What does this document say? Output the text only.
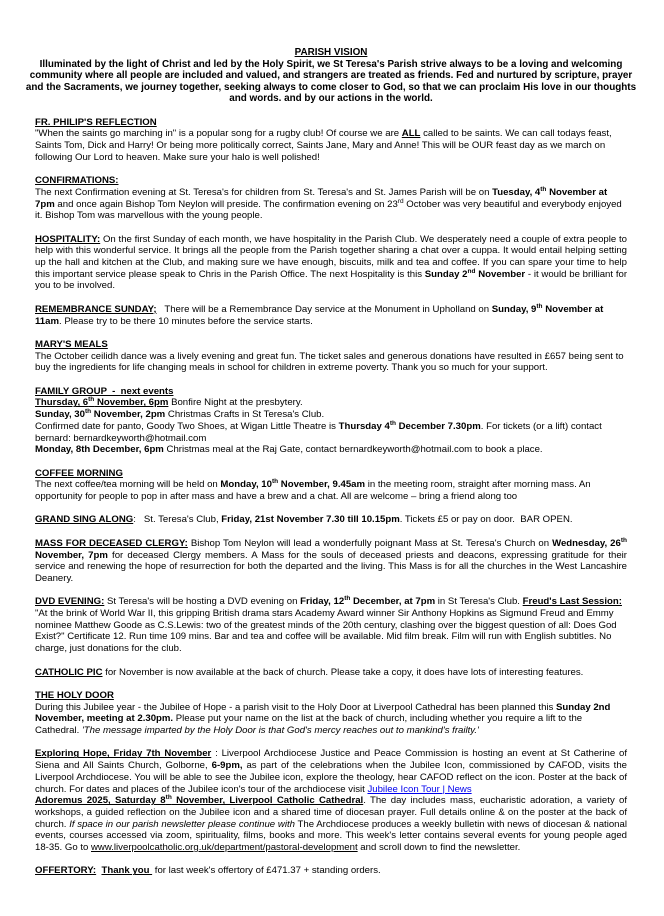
PARISH VISION
Illuminated by the light of Christ and led by the Holy Spirit, we St Teresa's Parish strive always to be a loving and welcoming community where all people are included and valued, and strangers are treated as friends. Fed and nurtured by scripture, prayer and the Sacraments, we journey together, seeking always to come closer to God, so that we can proclaim His love in our thoughts and words. and by our actions in the world.

FR. PHILIP'S REFLECTION
"When the saints go marching in" is a popular song for a rugby club! Of course we are ALL called to be saints. We can call todays feast, Saints Tom, Dick and Harry! Or being more politically correct, Saints Jane, Mary and Anne! This will be OUR feast day as we march on following Our Lord to heaven. Make sure your halo is well polished!

CONFIRMATIONS:
The next Confirmation evening at St. Teresa's for children from St. Teresa's and St. James Parish will be on Tuesday, 4th November at 7pm and once again Bishop Tom Neylon will preside. The confirmation evening on 23rd October was very beautiful and everybody enjoyed it. Bishop Tom was marvellous with the young people.

HOSPITALITY: On the first Sunday of each month, we have hospitality in the Parish Club. We desperately need a couple of extra people to help with this wonderful service. It brings all the people from the Parish together sharing a chat over a cuppa. It would entail helping setting up the hall and kitchen at the Club, and making sure we have enough, biscuits, milk and tea and coffee. If you can spare your time to help this important service please speak to Chris in the Parish Office. The next Hospitality is this Sunday 2nd November - it would be brilliant for you to be involved.

REMEMBRANCE SUNDAY;   There will be a Remembrance Day service at the Monument in Upholland on Sunday, 9th November at 11am. Please try to be there 10 minutes before the service starts.

MARY'S MEALS
The October ceilidh dance was a lively evening and great fun. The ticket sales and generous donations have resulted in £657 being sent to buy the ingredients for life changing meals in school for children in extreme poverty. Thank you so much for your support.

FAMILY GROUP  -  next events
Thursday, 6th November, 6pm Bonfire Night at the presbytery.
Sunday, 30th November, 2pm Christmas Crafts in St Teresa's Club.
Confirmed date for panto, Goody Two Shoes, at Wigan Little Theatre is Thursday 4th December 7.30pm. For tickets (or a lift) contact bernard: bernardkeyworth@hotmail.com
Monday, 8th December, 6pm Christmas meal at the Raj Gate, contact bernardkeyworth@hotmail.com to book a place.

COFFEE MORNING
The next coffee/tea morning will be held on Monday, 10th November, 9.45am in the meeting room, straight after morning mass. An opportunity for people to pop in after mass and have a brew and a chat. All are welcome – bring a friend along too

GRAND SING ALONG:   St. Teresa's Club, Friday, 21st November 7.30 till 10.15pm. Tickets £5 or pay on door.  BAR OPEN.

MASS FOR DECEASED CLERGY: Bishop Tom Neylon will lead a wonderfully poignant Mass at St. Teresa's Church on Wednesday, 26th November, 7pm for deceased Clergy members. A Mass for the souls of deceased priests and deacons, expressing gratitude for their service and renewing the hope of resurrection for both the departed and the living. This Mass is for all the churches in the West Lancashire Deanery.

DVD EVENING: St Teresa's will be hosting a DVD evening on Friday, 12th December, at 7pm in St Teresa's Club. Freud's Last Session: "At the brink of World War II, this gripping British drama stars Academy Award winner Sir Anthony Hopkins as Sigmund Freud and Emmy nominee Matthew Goode as C.S.Lewis: two of the greatest minds of the 20th century, clashing over the biggest question of all: Does God Exist?" Certificate 12. Run time 109 mins. Bar and tea and coffee will be available. Mid film break. Film will run with English subtitles. No charge, just donations for the club.

CATHOLIC PIC for November is now available at the back of church. Please take a copy, it does have lots of interesting features.

THE HOLY DOOR
During this Jubilee year - the Jubilee of Hope - a parish visit to the Holy Door at Liverpool Cathedral has been planned this Sunday 2nd November, meeting at 2.30pm. Please put your name on the list at the back of church, including whether you require a lift to the Cathedral. 'The message imparted by the Holy Door is that God's mercy reaches out to mankind's frailty.'

Exploring Hope, Friday 7th November : Liverpool Archdiocese Justice and Peace Commission is hosting an event at St Catherine of Siena and All Saints Church, Golborne, 6-9pm, as part of the celebrations when the Jubilee Icon, commissioned by CAFOD, visits the Liverpool Archdiocese. You will be able to see the Jubilee icon, explore the theology, hear CAFOD reflect on the icon. Poster at the back of church. For dates and places of the Jubilee icon's tour of the archdiocese visit Jubilee Icon Tour | News

Adoremus 2025, Saturday 8th November, Liverpool Catholic Cathedral. The day includes mass, eucharistic adoration, a variety of workshops, a guided reflection on the Jubilee icon and a shared time of diocesan prayer. Full details online & on the poster at the back of church. If space in our parish newsletter please continue with The Archdiocese produces a weekly bulletin with news of diocesan & national events, courses accessed via zoom, spirituality, films, books and more. This week's letter contains several events for young people aged 18-35. Go to www.liverpoolcatholic.org.uk/department/pastoral-development and scroll down to find the newsletter.

OFFERTORY: Thank you  for last week's offertory of £471.37 + standing orders.
